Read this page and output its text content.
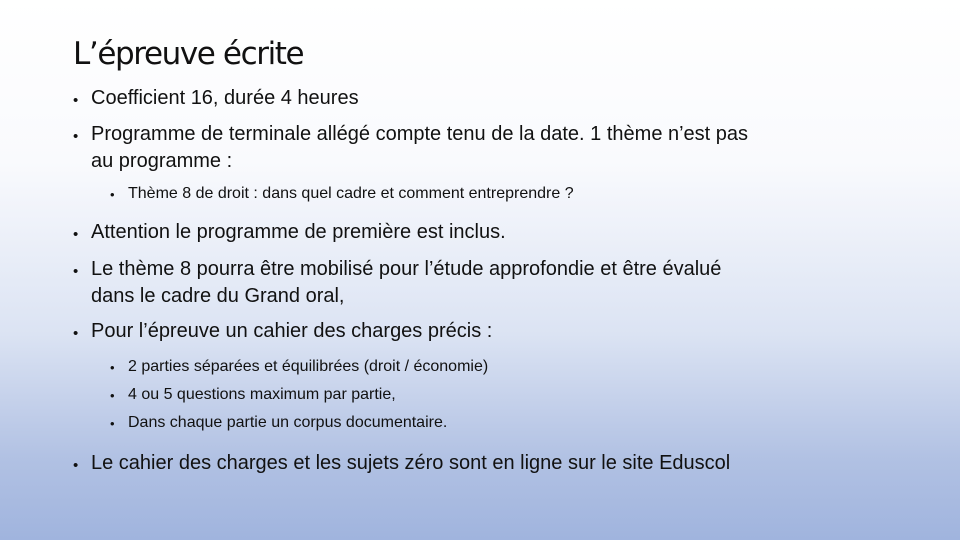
L’épreuve écrite
• Coefficient 16, durée 4 heures
• Programme de terminale allégé compte tenu de la date. 1 thème n’est pas
au programme :
• Thème 8 de droit : dans quel cadre et comment entreprendre ?
• Attention le programme de première est inclus.
• Le thème 8 pourra être mobilisé pour l’étude approfondie et être évalué
dans le cadre du Grand oral,
• Pour l’épreuve un cahier des charges précis :
• 2 parties séparées et équilibrées (droit / économie)
• 4 ou 5 questions maximum par partie,
• Dans chaque partie un corpus documentaire.
• Le cahier des charges et les sujets zéro sont en ligne sur le site Eduscol
